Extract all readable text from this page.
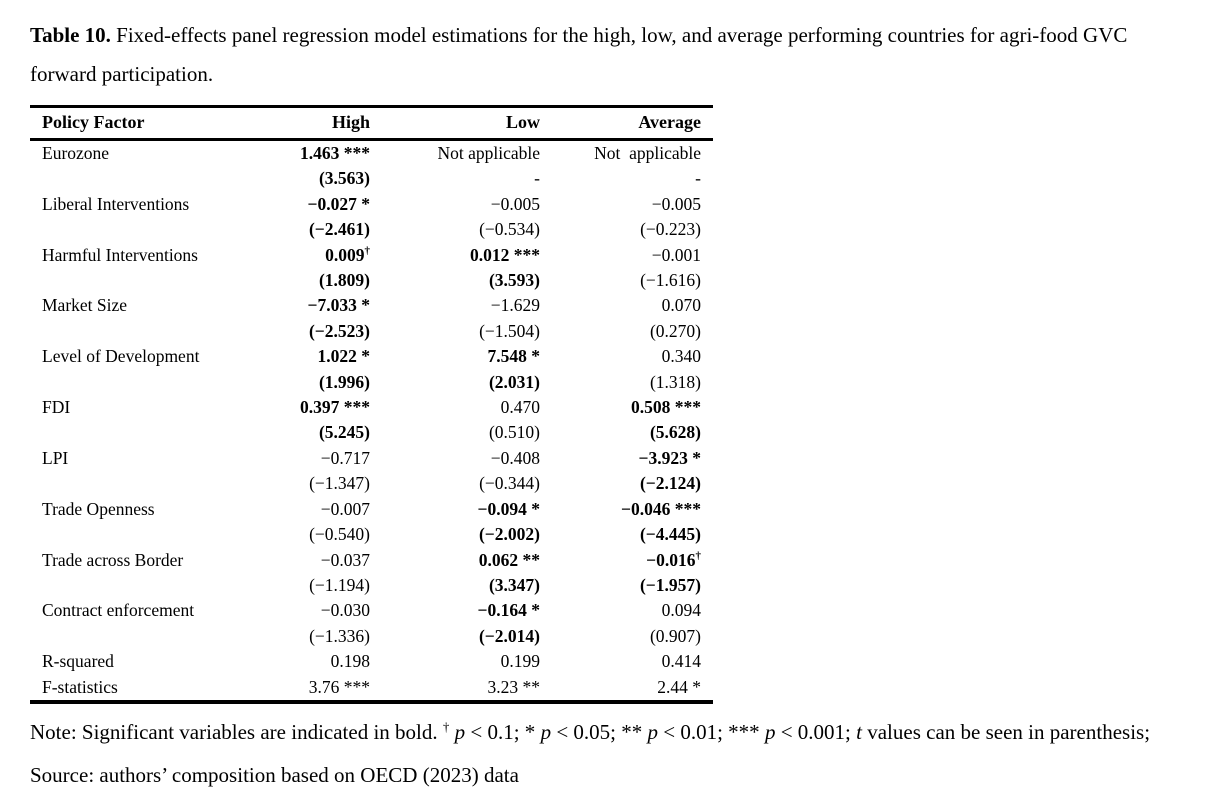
Table 10. Fixed-effects panel regression model estimations for the high, low, and average performing countries for agri-food GVC forward participation.

Policy Factor	High	Low	Average
Eurozone	1.463 ***	Not applicable	Not  applicable
	(3.563)	-	-
Liberal Interventions	−0.027 *	−0.005	−0.005
	(−2.461)	(−0.534)	(−0.223)
Harmful Interventions	0.009†	0.012 ***	−0.001
	(1.809)	(3.593)	(−1.616)
Market Size	−7.033 *	−1.629	0.070
	(−2.523)	(−1.504)	(0.270)
Level of Development	1.022 *	7.548 *	0.340
	(1.996)	(2.031)	(1.318)
FDI	0.397 ***	0.470	0.508 ***
	(5.245)	(0.510)	(5.628)
LPI	−0.717	−0.408	−3.923 *
	(−1.347)	(−0.344)	(−2.124)
Trade Openness	−0.007	−0.094 *	−0.046 ***
	(−0.540)	(−2.002)	(−4.445)
Trade across Border	−0.037	0.062 **	−0.016†
	(−1.194)	(3.347)	(−1.957)
Contract enforcement	−0.030	−0.164 *	0.094
	(−1.336)	(−2.014)	(0.907)
R-squared	0.198	0.199	0.414
F-statistics	3.76 ***	3.23 **	2.44 *

Note: Significant variables are indicated in bold. † p < 0.1; * p < 0.05; ** p < 0.01; *** p < 0.001; t values can be seen in parenthesis; Source: authors’ composition based on OECD (2023) data
